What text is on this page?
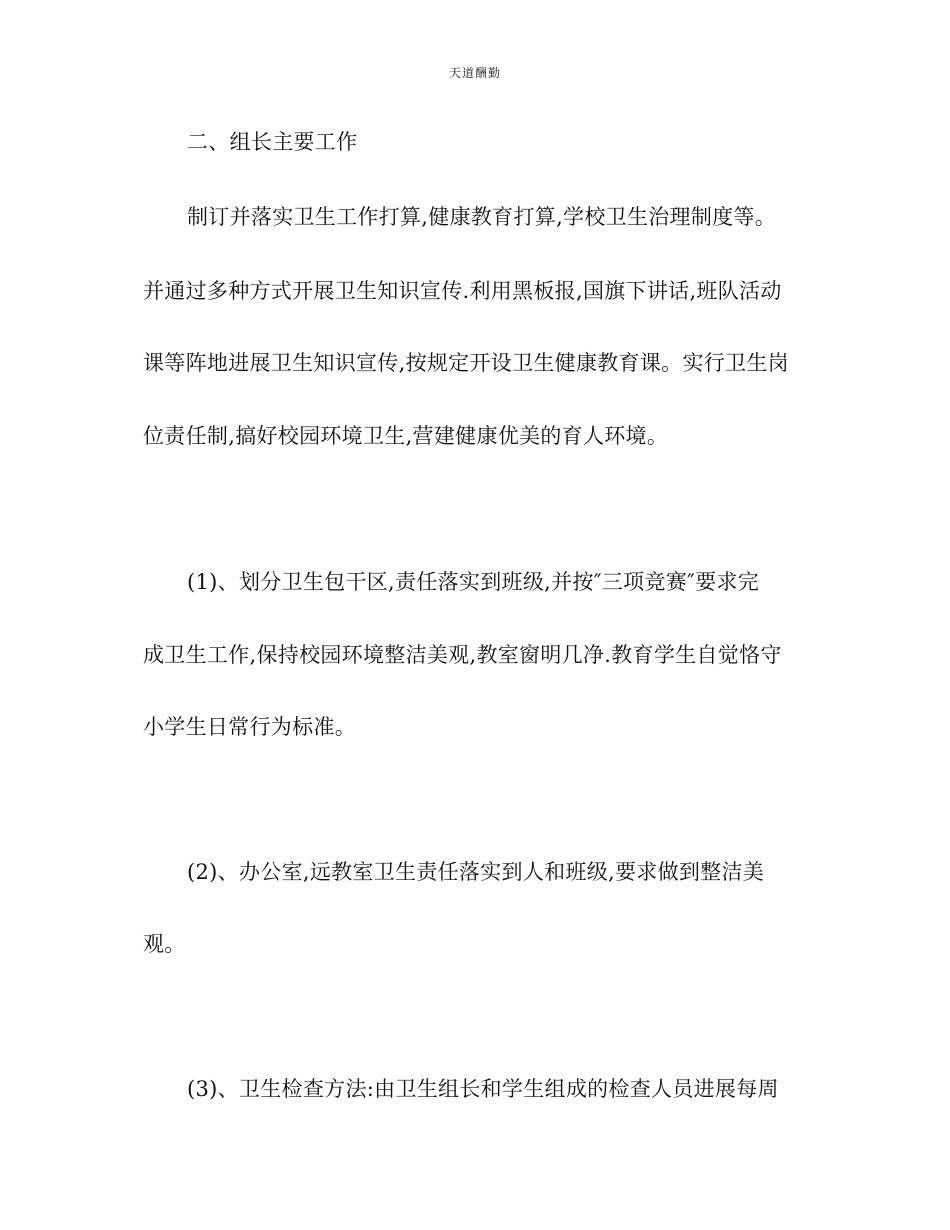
天道酬勤
二、组长主要工作
制订并落实卫生工作打算,健康教育打算,学校卫生治理制度等。
并通过多种方式开展卫生知识宣传.利用黑板报,国旗下讲话,班队活动
课等阵地进展卫生知识宣传,按规定开设卫生健康教育课。实行卫生岗
位责任制,搞好校园环境卫生,营建健康优美的育人环境。
(1)、划分卫生包干区,责任落实到班级,并按″三项竞赛″要求完
成卫生工作,保持校园环境整洁美观,教室窗明几净.教育学生自觉恪守
小学生日常行为标准。
(2)、办公室,远教室卫生责任落实到人和班级,要求做到整洁美
观。
(3)、卫生检查方法:由卫生组长和学生组成的检查人员进展每周
